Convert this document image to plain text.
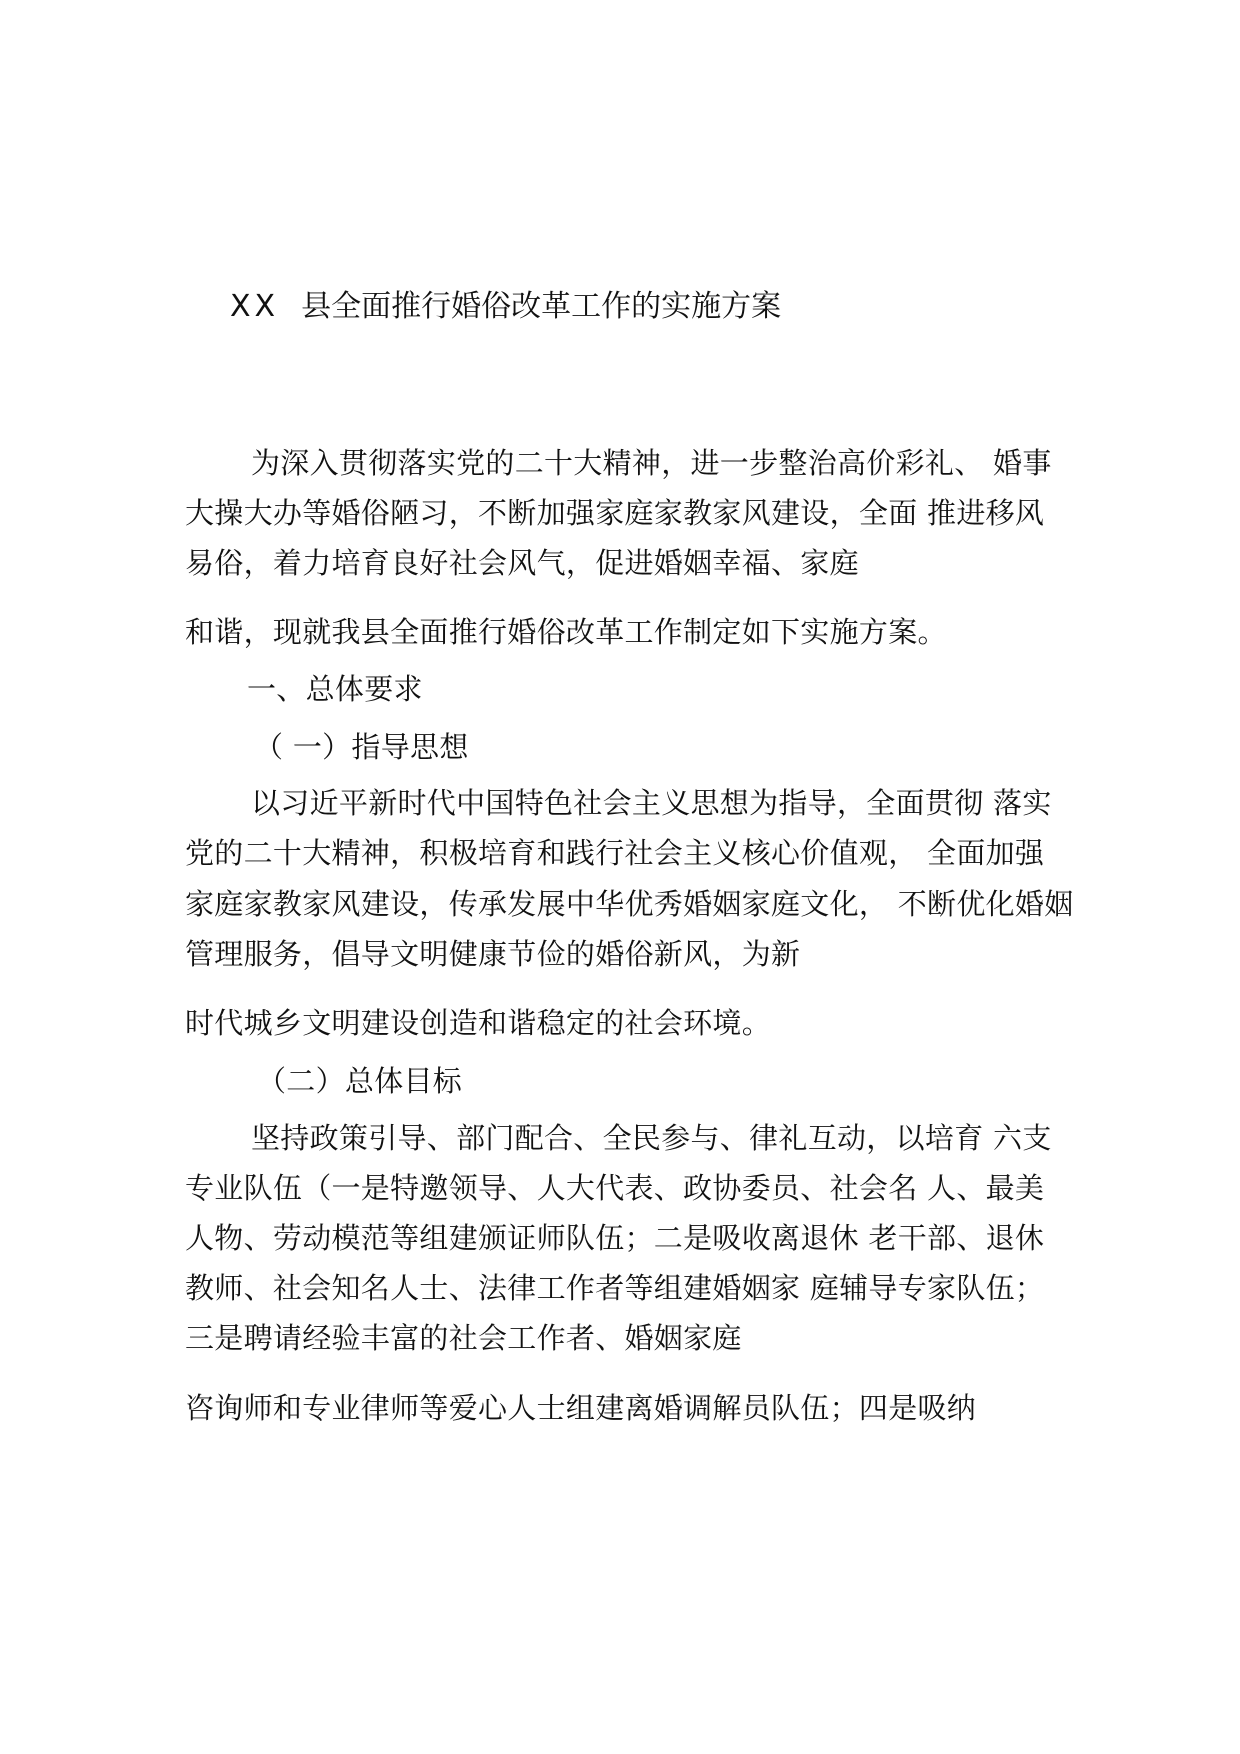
XX 县全面推行婚俗改革工作的实施方案
为深入贯彻落实党的二十大精神，进一步整治高价彩礼、 婚事
大操大办等婚俗陋习，不断加强家庭家教家风建设，全面 推进移风
易俗，着力培育良好社会风气，促进婚姻幸福、家庭
和谐，现就我县全面推行婚俗改革工作制定如下实施方案。
一、总体要求
（ 一）指导思想
以习近平新时代中国特色社会主义思想为指导，全面贯彻 落实
党的二十大精神，积极培育和践行社会主义核心价值观， 全面加强
家庭家教家风建设，传承发展中华优秀婚姻家庭文化， 不断优化婚姻
管理服务，倡导文明健康节俭的婚俗新风，为新
时代城乡文明建设创造和谐稳定的社会环境。
（二）总体目标
坚持政策引导、部门配合、全民参与、律礼互动，以培育 六支
专业队伍（一是特邀领导、人大代表、政协委员、社会名 人、最美
人物、劳动模范等组建颁证师队伍；二是吸收离退休 老干部、退休
教师、社会知名人士、法律工作者等组建婚姻家 庭辅导专家队伍；
三是聘请经验丰富的社会工作者、婚姻家庭
咨询师和专业律师等爱心人士组建离婚调解员队伍；四是吸纳
